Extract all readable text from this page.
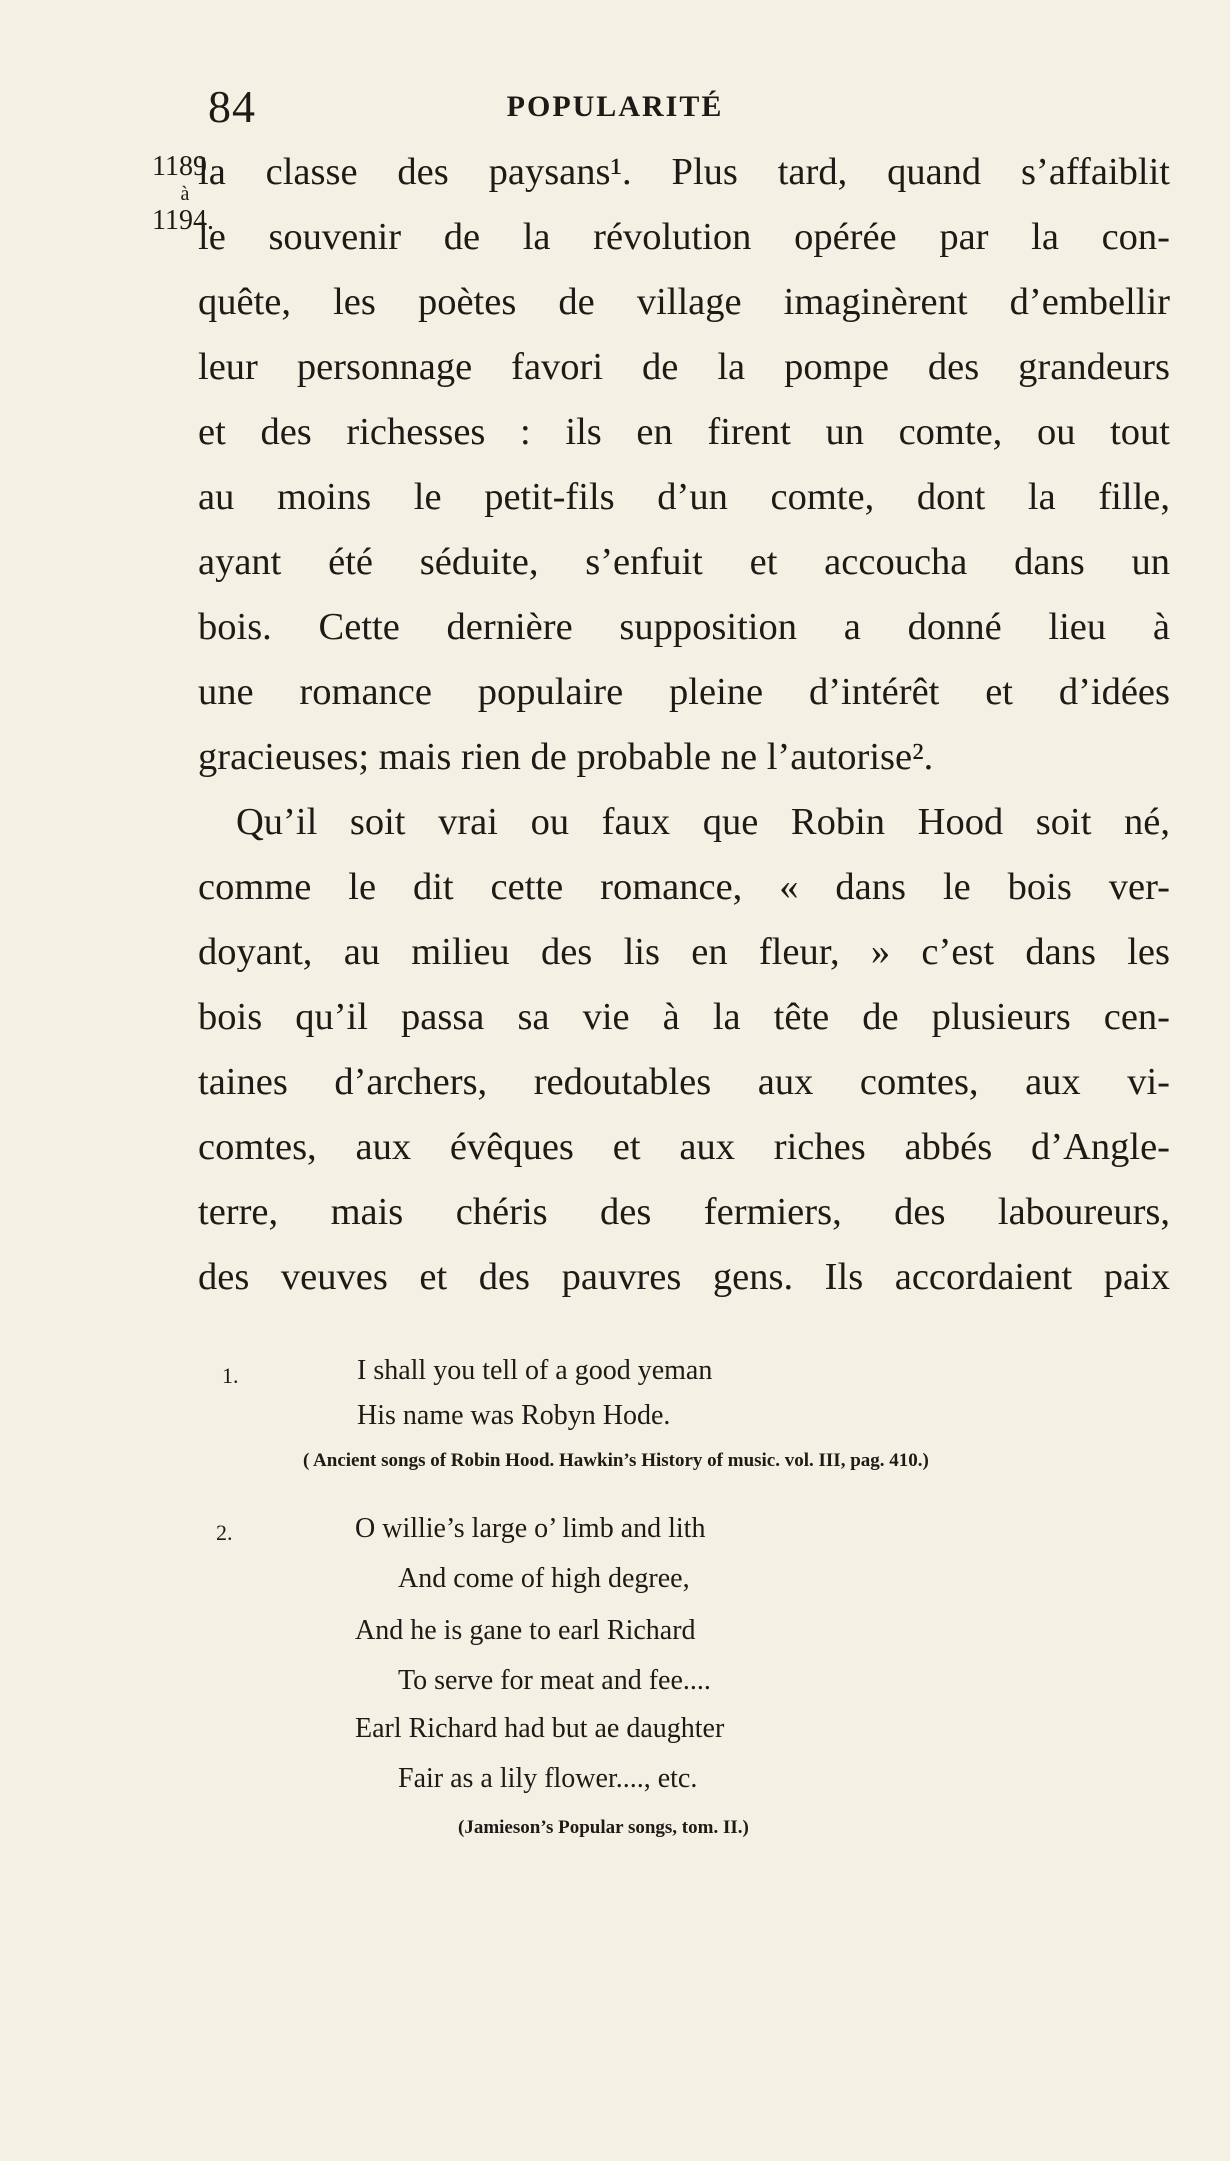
84	POPULARITÉ
1189
à
1194.
la classe des paysans¹. Plus tard, quand s’affaiblit
le souvenir de la révolution opérée par la con-
quête, les poètes de village imaginèrent d’embellir
leur personnage favori de la pompe des grandeurs
et des richesses : ils en firent un comte, ou tout
au moins le petit-fils d’un comte, dont la fille,
ayant été séduite, s’enfuit et accoucha dans un
bois. Cette dernière supposition a donné lieu à
une romance populaire pleine d’intérêt et d’idées
gracieuses; mais rien de probable ne l’autorise².
Qu’il soit vrai ou faux que Robin Hood soit né,
comme le dit cette romance, « dans le bois ver-
doyant, au milieu des lis en fleur, » c’est dans les
bois qu’il passa sa vie à la tête de plusieurs cen-
taines d’archers, redoutables aux comtes, aux vi-
comtes, aux évêques et aux riches abbés d’Angle-
terre, mais chéris des fermiers, des laboureurs,
des veuves et des pauvres gens. Ils accordaient paix
1.	I shall you tell of a good yeman
His name was Robyn Hode.
( Ancient songs of Robin Hood. Hawkin’s History of music. vol. III, pag. 410.)
2.	O willie’s large o’ limb and lith
And come of high degree,
And he is gane to earl Richard
To serve for meat and fee....
Earl Richard had but ae daughter
Fair as a lily flower...., etc.
(Jamieson’s Popular songs, tom. II.)
